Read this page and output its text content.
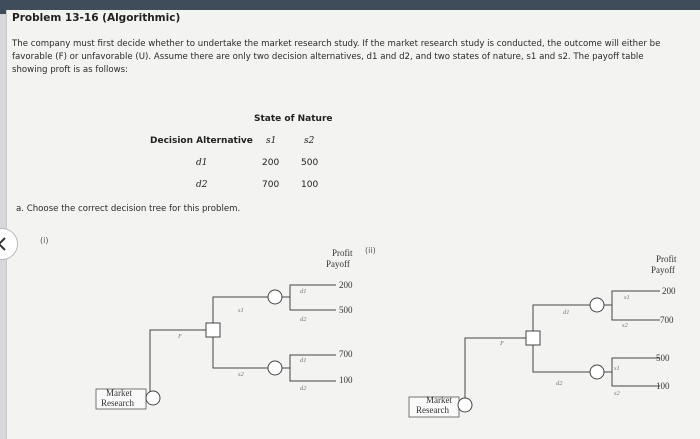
Problem 13-16 (Algorithmic)
The company must first decide whether to undertake the market research study. If the market research study is conducted, the outcome will either be favorable (F) or unfavorable (U). Assume there are only two decision alternatives, d1 and d2, and two states of nature, s1 and s2. The payoff table showing proft is as follows:
State of Nature
Decision Alternative s1	s2
d1	200 500
d2	700 100
a. Choose the correct decision tree for this problem.
(i)
(ii)
Profit
Payoff
Market
Research
F
s1
s2
d1
d2
d1
d2
200
500
700
100
Profit
Payoff
Market
Research
F
d1
d2
s1
s2
s1
s2
200
700
500
100
